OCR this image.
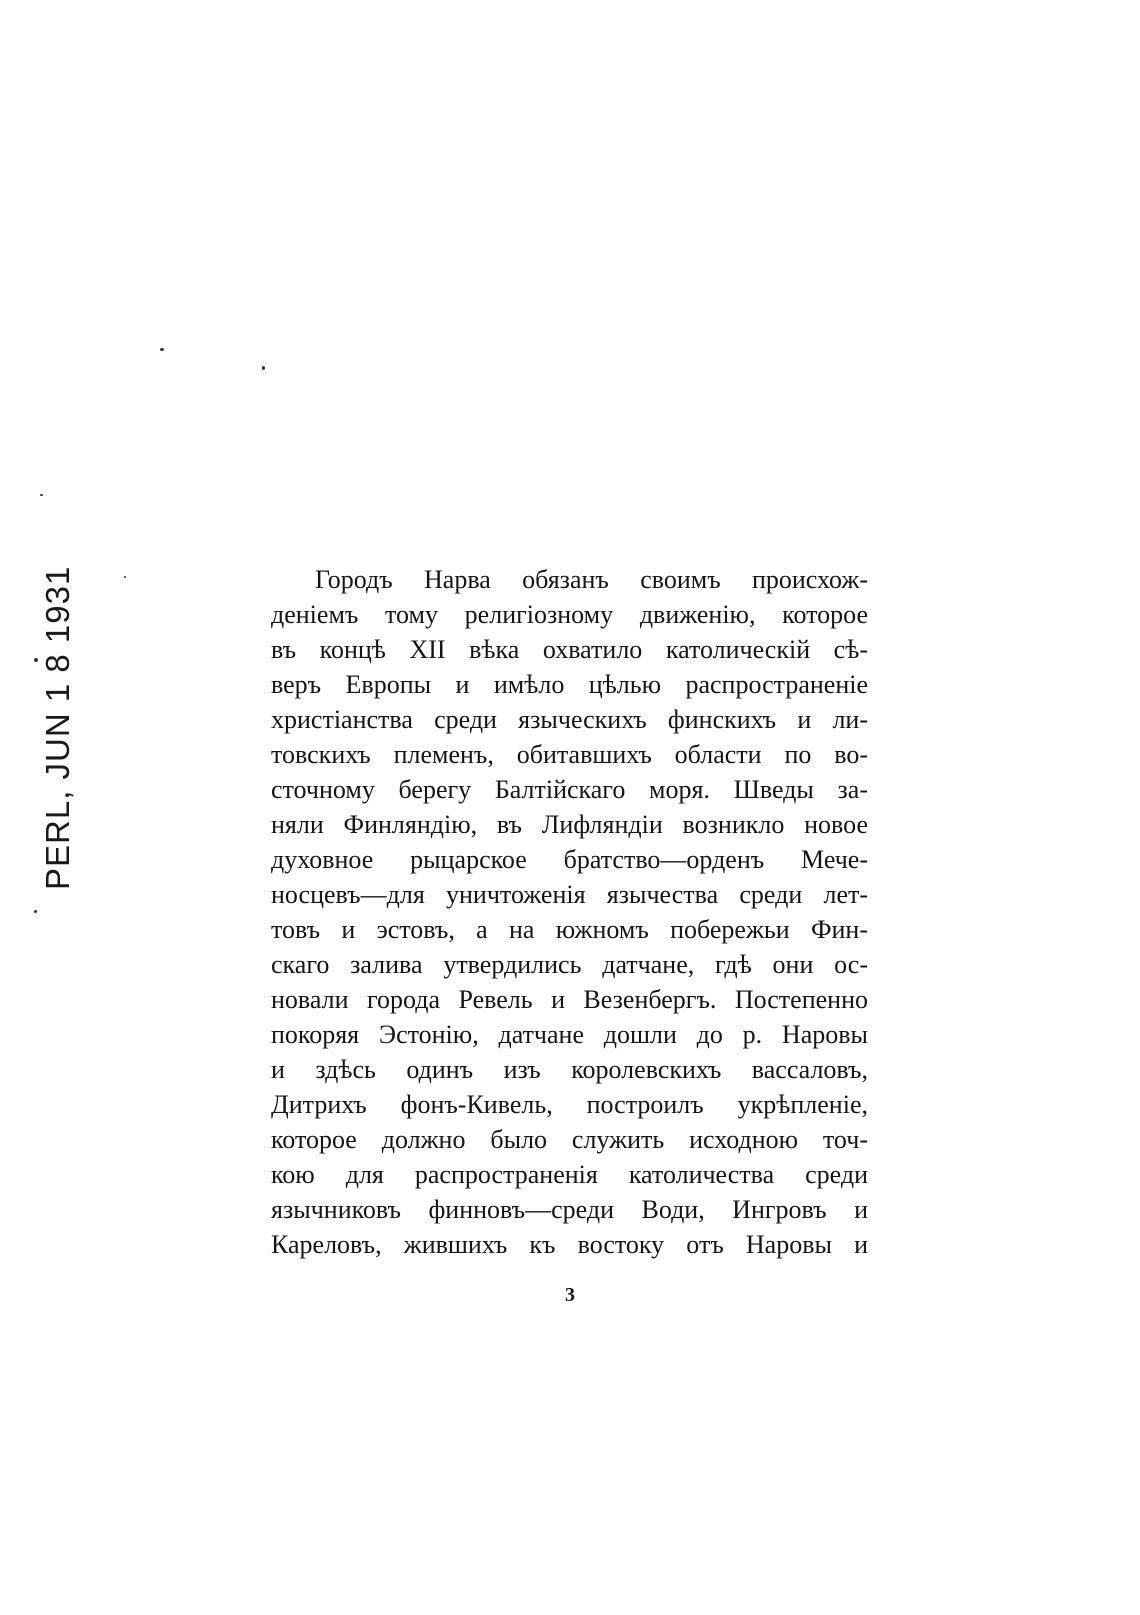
PERL, JUN 1 8 1931	Городъ Нарва обязанъ своимъ происхож-
деніемъ тому религіозному движенію, которое
въ концѣ XII вѣка охватило католическій сѣ-
веръ Европы и имѣло цѣлью распространеніе
христіанства среди языческихъ финскихъ и ли-
товскихъ племенъ, обитавшихъ области по во-
сточному берегу Балтійскаго моря. Шведы за-
няли Финляндію, въ Лифляндіи возникло новое
духовное рыцарское братство—орденъ Мече-
носцевъ—для уничтоженія язычества среди лет-
товъ и эстовъ, а на южномъ побережьи Фин-
скаго залива утвердились датчане, гдѣ они ос-
новали города Ревель и Везенбергъ. Постепенно
покоряя Эстонію, датчане дошли до р. Наровы
и здѣсь одинъ изъ королевскихъ вассаловъ,
Дитрихъ фонъ-Кивель, построилъ укрѣпленіе,
которое должно было служить исходною точ-
кою для распространенія католичества среди
язычниковъ финновъ—среди Води, Ингровъ и
Кареловъ, жившихъ къ востоку отъ Наровы и
3
